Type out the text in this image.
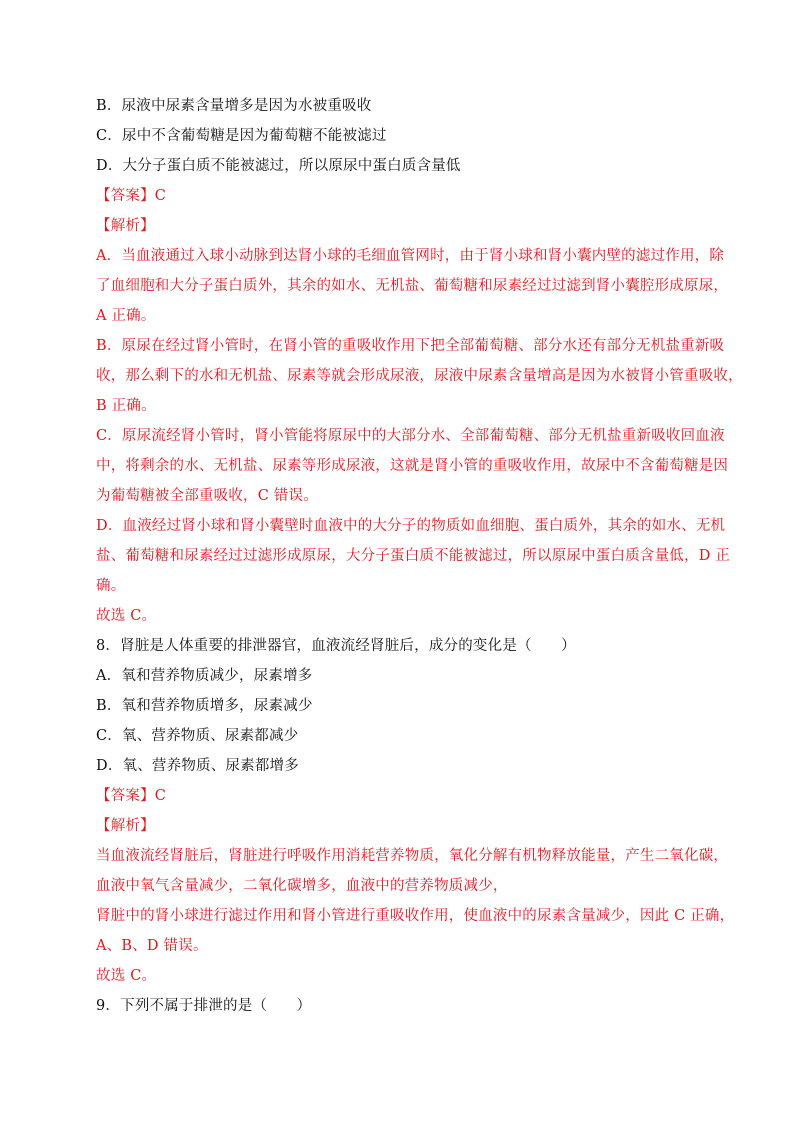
B．尿液中尿素含量增多是因为水被重吸收
C．尿中不含葡萄糖是因为葡萄糖不能被滤过
D．大分子蛋白质不能被滤过，所以原尿中蛋白质含量低
【答案】C
【解析】
A．当血液通过入球小动脉到达肾小球的毛细血管网时，由于肾小球和肾小囊内壁的滤过作用，除
了血细胞和大分子蛋白质外，其余的如水、无机盐、葡萄糖和尿素经过过滤到肾小囊腔形成原尿，
A 正确。
B．原尿在经过肾小管时，在肾小管的重吸收作用下把全部葡萄糖、部分水还有部分无机盐重新吸
收，那么剩下的水和无机盐、尿素等就会形成尿液，尿液中尿素含量增高是因为水被肾小管重吸收，
B 正确。
C．原尿流经肾小管时，肾小管能将原尿中的大部分水、全部葡萄糖、部分无机盐重新吸收回血液
中，将剩余的水、无机盐、尿素等形成尿液，这就是肾小管的重吸收作用，故尿中不含葡萄糖是因
为葡萄糖被全部重吸收，C 错误。
D．血液经过肾小球和肾小囊壁时血液中的大分子的物质如血细胞、蛋白质外，其余的如水、无机
盐、葡萄糖和尿素经过过滤形成原尿，大分子蛋白质不能被滤过，所以原尿中蛋白质含量低，D 正
确。
故选 C。
8．肾脏是人体重要的排泄器官，血液流经肾脏后，成分的变化是（　　）
A．氧和营养物质减少，尿素增多
B．氧和营养物质增多，尿素减少
C．氧、营养物质、尿素都减少
D．氧、营养物质、尿素都增多
【答案】C
【解析】
当血液流经肾脏后，肾脏进行呼吸作用消耗营养物质，氧化分解有机物释放能量，产生二氧化碳，
血液中氧气含量减少，二氧化碳增多，血液中的营养物质减少，
肾脏中的肾小球进行滤过作用和肾小管进行重吸收作用，使血液中的尿素含量减少，因此 C 正确，
A、B、D 错误。
故选 C。
9．下列不属于排泄的是（　　）
